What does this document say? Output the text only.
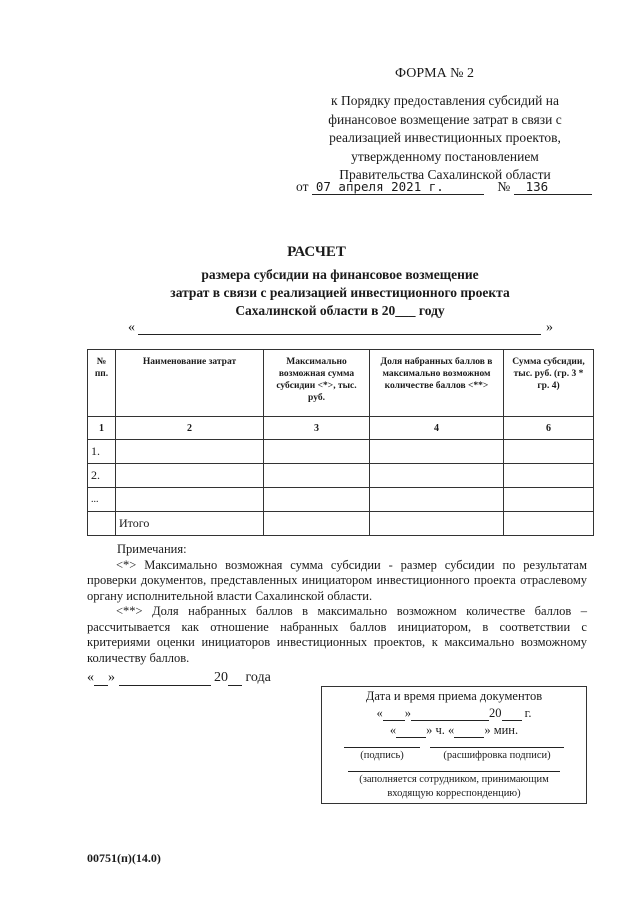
ФОРМА № 2
к Порядку предоставления субсидий на
финансовое возмещение затрат в связи с
реализацией инвестиционных проектов,
утвержденному постановлением
Правительства Сахалинской области
от 07 апреля 2021 г.	№ 136
РАСЧЕТ
размера субсидии на финансовое возмещение
затрат в связи с реализацией инвестиционного проекта
Сахалинской области в 20___ году
«	»
№ пп.	Наименование затрат	Максимально возможная сумма субсидии <*>, тыс. руб.	Доля набранных баллов в максимально возможном количестве баллов <**>	Сумма субсидии, тыс. руб. (гр. 3 * гр. 4)
1	2	3	4	6
1.				
2.				
...				
	Итого			

Примечания:

<*> Максимально возможная сумма субсидии - размер субсидии по результатам проверки документов, представленных инициатором инвестиционного проекта отраслевому органу исполнительной власти Сахалинской области.

<**> Доля набранных баллов в максимально возможном количестве баллов – рассчитывается как отношение набранных баллов инициатором, в соответствии с критериями оценки инициаторов инвестиционных проектов, к максимально возможному количеству баллов.

« »	20 года
Дата и время приема документов
« »	20 г.
« » ч. « » мин.
(подпись)	(расшифровка подписи)
(заполняется сотрудником, принимающим
входящую корреспонденцию)
00751(п)(14.0)
